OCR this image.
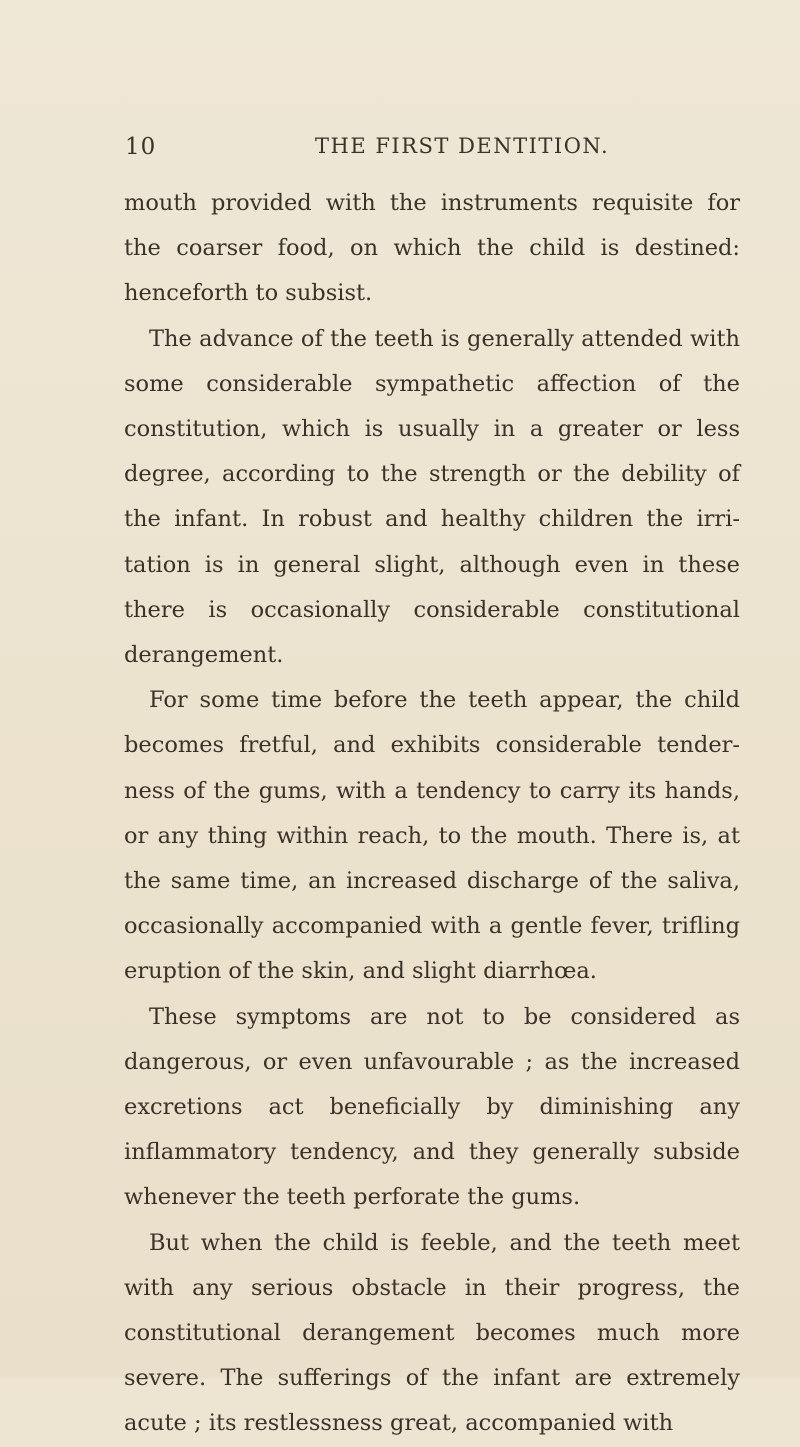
10	THE FIRST DENTITION.

mouth provided with the instruments requisite for the coarser food, on which the child is destined: henceforth to subsist.

The advance of the teeth is generally attended with some considerable sympathetic affection of the constitution, which is usually in a greater or less degree, according to the strength or the debility of the infant. In robust and healthy children the irritation is in general slight, although even in these there is occasionally considerable constitutional derangement.

For some time before the teeth appear, the child becomes fretful, and exhibits considerable tenderness of the gums, with a tendency to carry its hands, or any thing within reach, to the mouth. There is, at the same time, an increased discharge of the saliva, occasionally accompanied with a gentle fever, trifling eruption of the skin, and slight diarrhœa.

These symptoms are not to be considered as dangerous, or even unfavourable ; as the increased excretions act beneficially by diminishing any inflammatory tendency, and they generally subside whenever the teeth perforate the gums.

But when the child is feeble, and the teeth meet with any serious obstacle in their progress, the constitutional derangement becomes much more severe. The sufferings of the infant are extremely acute ; its restlessness great, accompanied with
